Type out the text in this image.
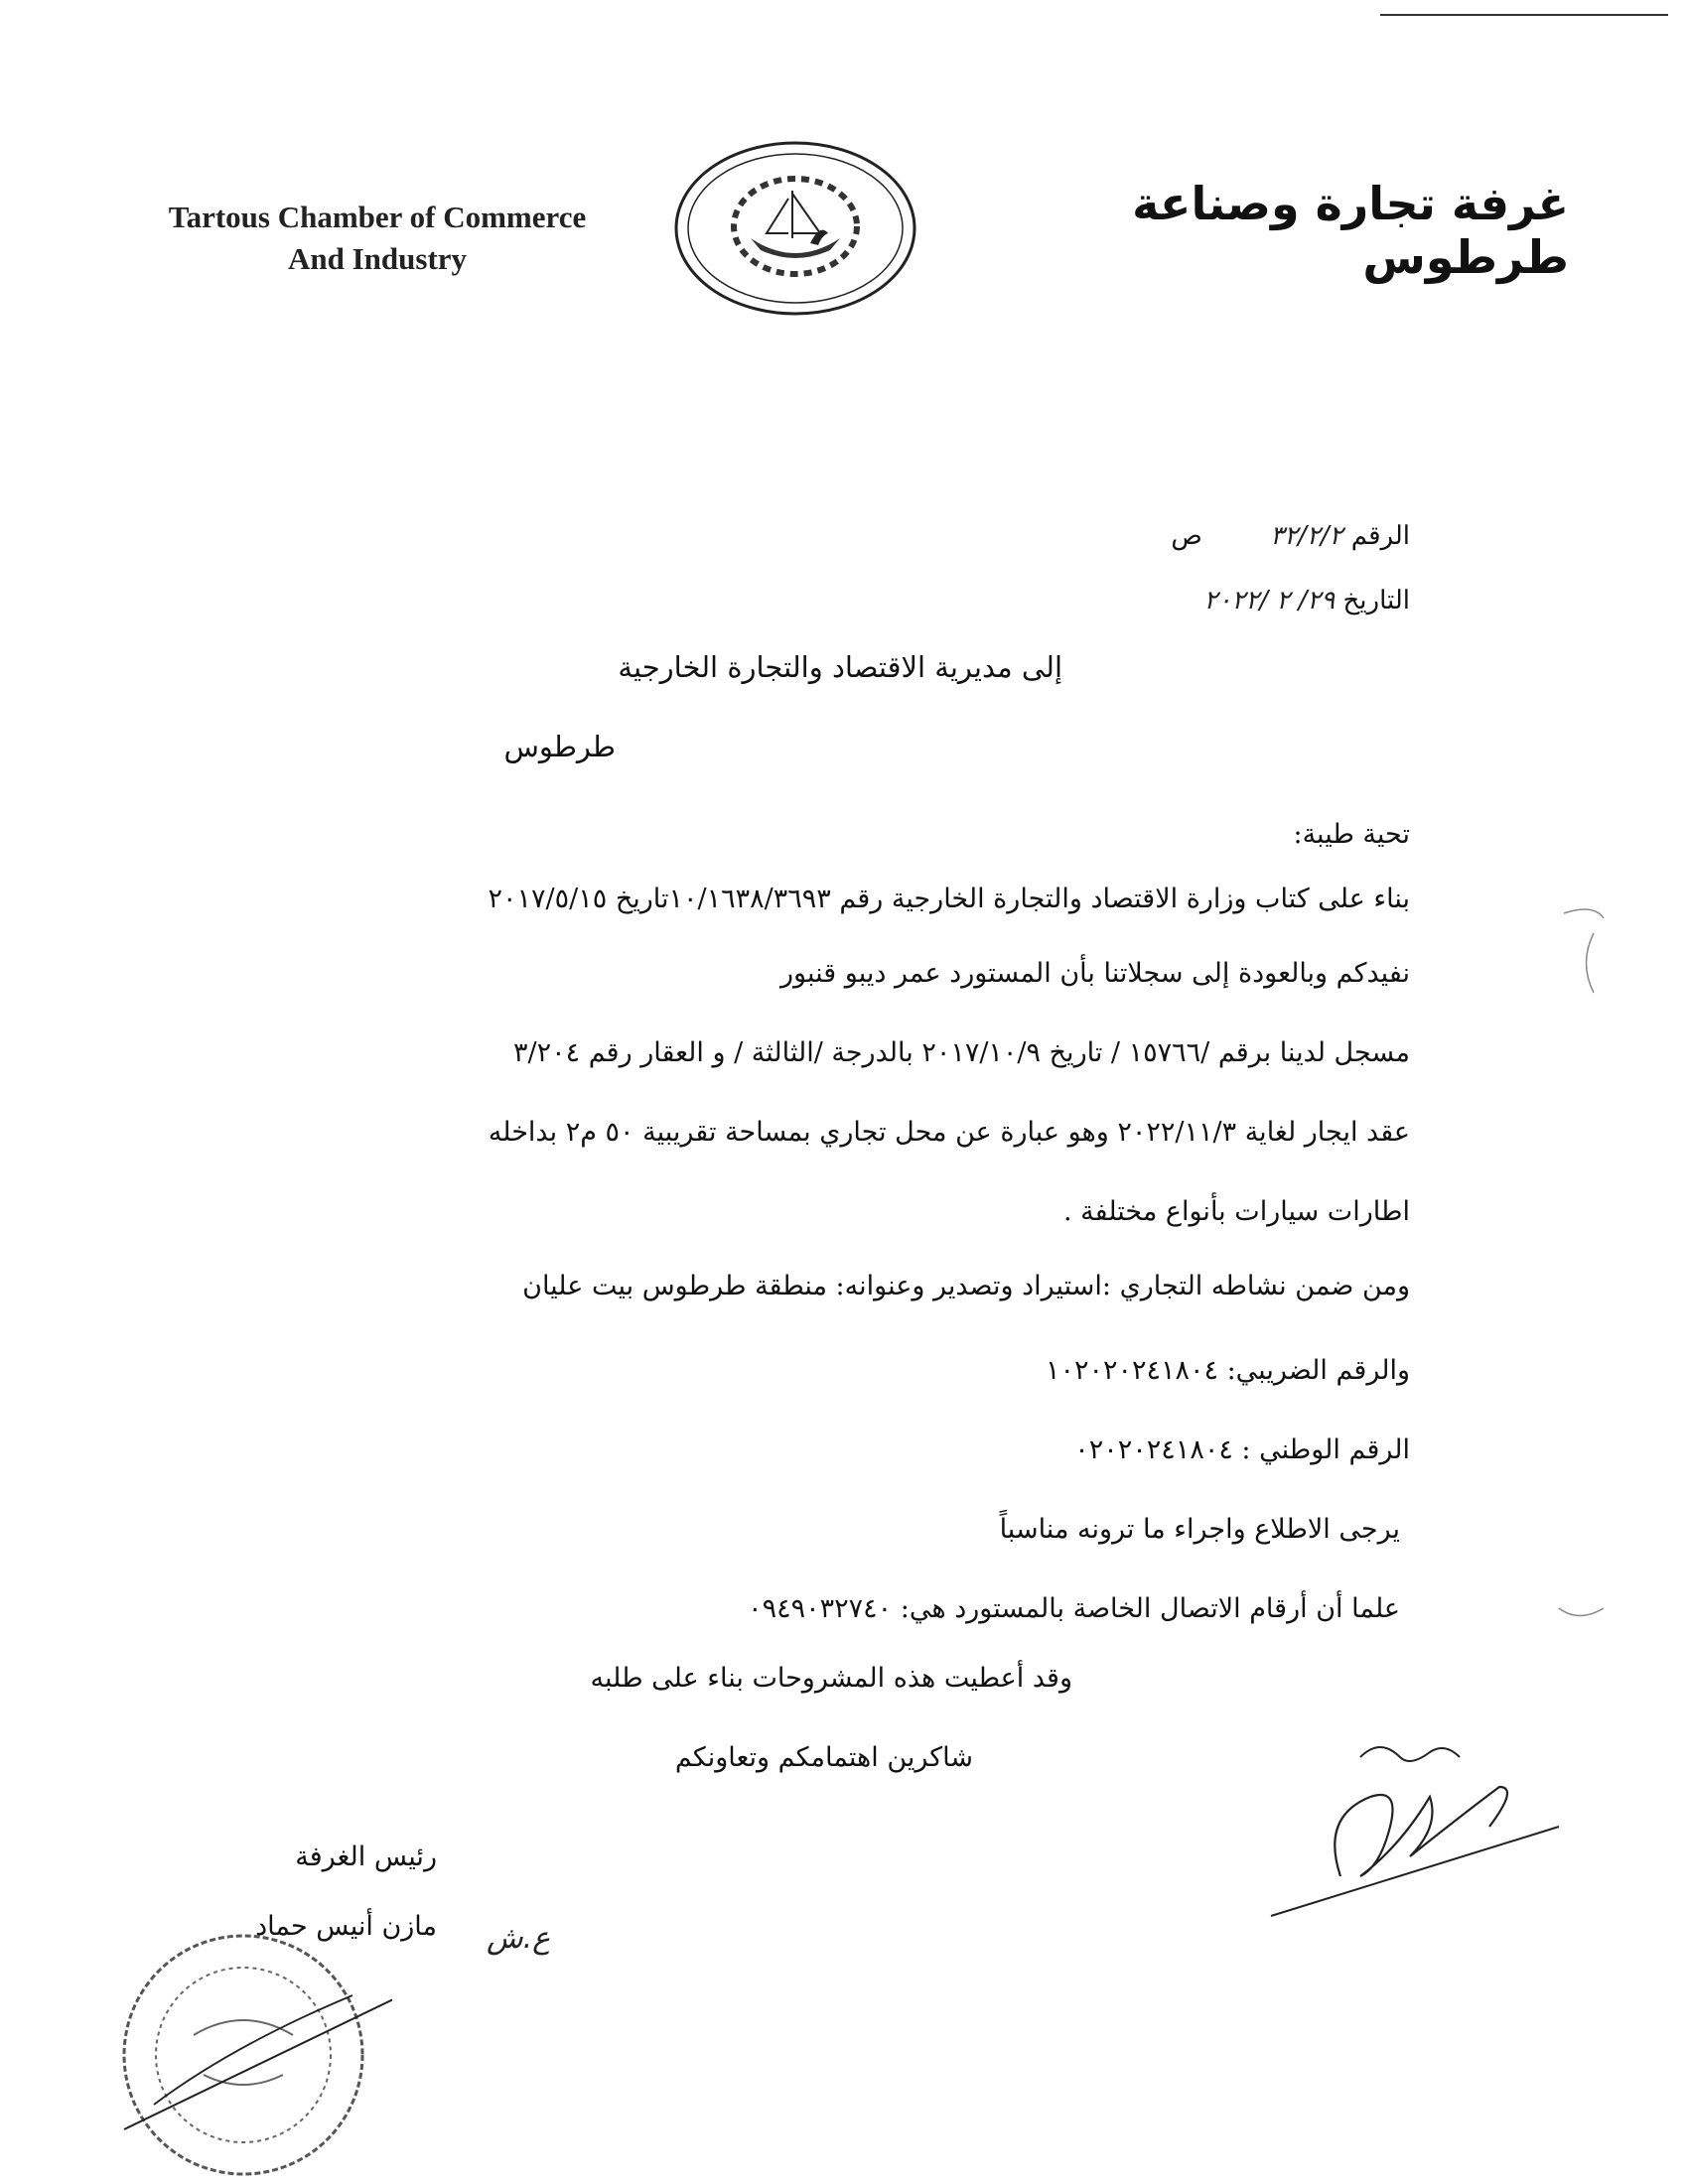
Tartous Chamber of Commerce
And Industry
غرفة تجارة وصناعة طرطوس
الرقم ٣٢/٢/٢ ص
التاريخ ٢٩/ ٢ /٢٠٢٢
إلى مديرية الاقتصاد والتجارة الخارجية
طرطوس
تحية طيبة:
بناء على كتاب وزارة الاقتصاد والتجارة الخارجية رقم ١٠/١٦٣٨/٣٦٩٣تاريخ ٢٠١٧/٥/١٥
نفيدكم وبالعودة إلى سجلاتنا بأن المستورد عمر ديبو قنبور
مسجل لدينا برقم /١٥٧٦٦ / تاريخ ٢٠١٧/١٠/٩ بالدرجة /الثالثة / و العقار رقم ٣/٢٠٤
عقد ايجار لغاية ٢٠٢٢/١١/٣ وهو عبارة عن محل تجاري بمساحة تقريبية ٥٠ م٢ بداخله
اطارات سيارات بأنواع مختلفة .
ومن ضمن نشاطه التجاري :استيراد وتصدير وعنوانه: منطقة طرطوس بيت عليان
والرقم الضريبي: ١٠٢٠٢٠٢٤١٨٠٤
الرقم الوطني : ٠٢٠٢٠٢٤١٨٠٤
يرجى الاطلاع واجراء ما ترونه مناسباً
علما أن أرقام الاتصال الخاصة بالمستورد هي: ٠٩٤٩٠٣٢٧٤٠
وقد أعطيت هذه المشروحات بناء على طلبه
شاكرين اهتمامكم وتعاونكم
رئيس الغرفة
مازن أنيس حماد ع.ش
